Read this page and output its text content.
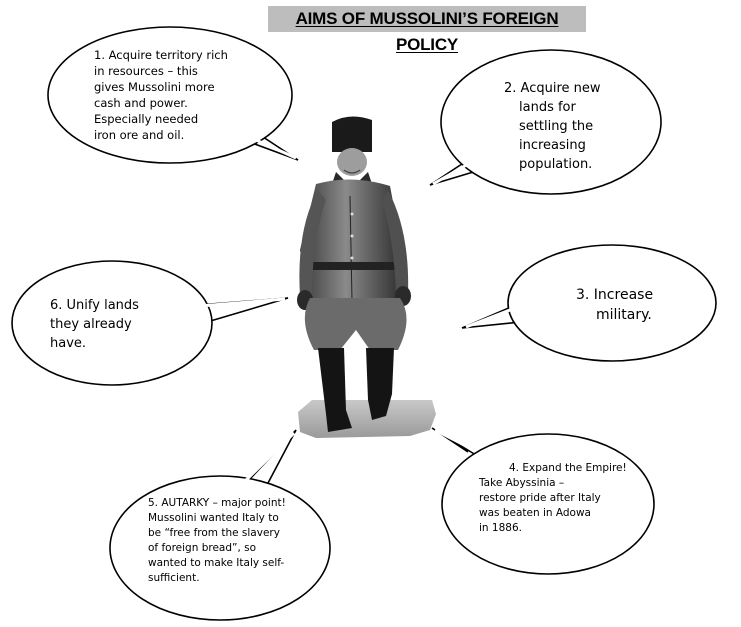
AIMS OF MUSSOLINI’S FOREIGN POLICY
1. Acquire territory rich
in resources – this
gives Mussolini more
cash and power.
Especially needed
iron ore and oil.
2. Acquire new
lands for
settling the
increasing
population.
3. Increase
military.
4. Expand the Empire!
Take Abyssinia –
restore pride after Italy
was beaten in Adowa
in 1886.
5. AUTARKY – major point!
Mussolini wanted Italy to
be “free from the slavery
of foreign bread”, so
wanted to make Italy self-
sufficient.
6. Unify lands
they already
have.
